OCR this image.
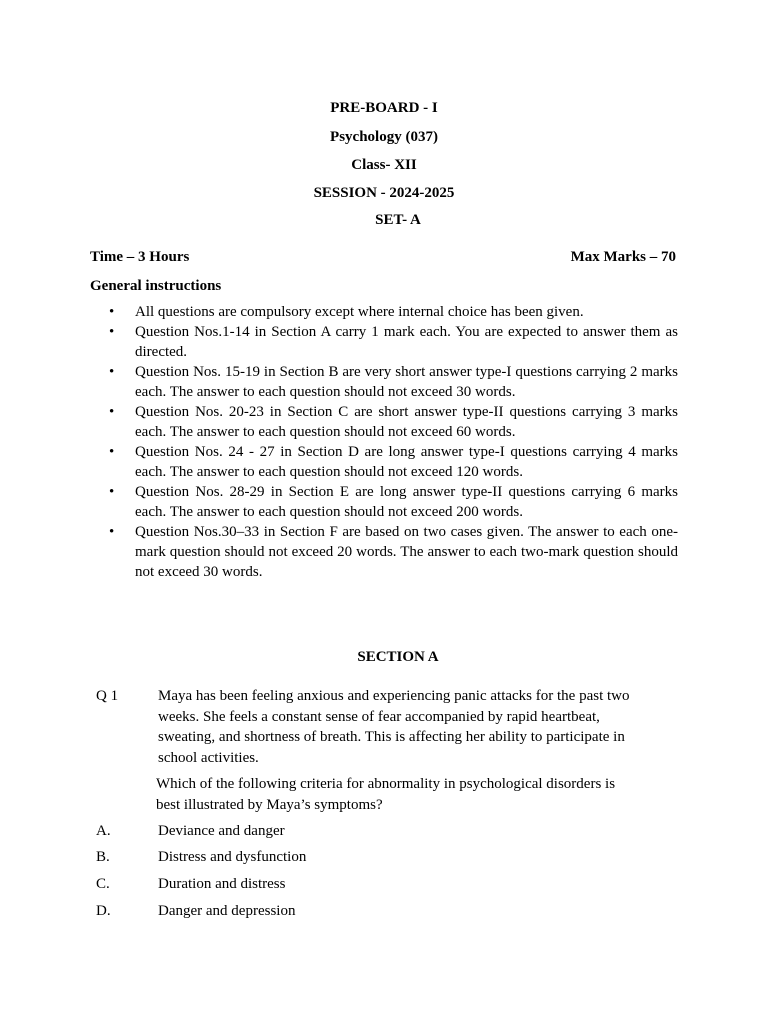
PRE-BOARD - I
Psychology (037)
Class- XII
SESSION - 2024-2025
SET- A
Time – 3 Hours	Max Marks – 70
General instructions
• All questions are compulsory except where internal choice has been given.
• Question Nos.1-14 in Section A carry 1 mark each. You are expected to answer them as directed.
• Question Nos. 15-19 in Section B are very short answer type-I questions carrying 2 marks each. The answer to each question should not exceed 30 words.
• Question Nos. 20-23 in Section C are short answer type-II questions carrying 3 marks each. The answer to each question should not exceed 60 words.
• Question Nos. 24 - 27 in Section D are long answer type-I questions carrying 4 marks each. The answer to each question should not exceed 120 words.
• Question Nos. 28-29 in Section E are long answer type-II questions carrying 6 marks each. The answer to each question should not exceed 200 words.
• Question Nos.30–33 in Section F are based on two cases given. The answer to each one-mark question should not exceed 20 words. The answer to each two-mark question should not exceed 30 words.
SECTION A
Q 1	Maya has been feeling anxious and experiencing panic attacks for the past two weeks. She feels a constant sense of fear accompanied by rapid heartbeat, sweating, and shortness of breath. This is affecting her ability to participate in school activities.
Which of the following criteria for abnormality in psychological disorders is best illustrated by Maya’s symptoms?
A.	Deviance and danger
B.	Distress and dysfunction
C.	Duration and distress
D.	Danger and depression
